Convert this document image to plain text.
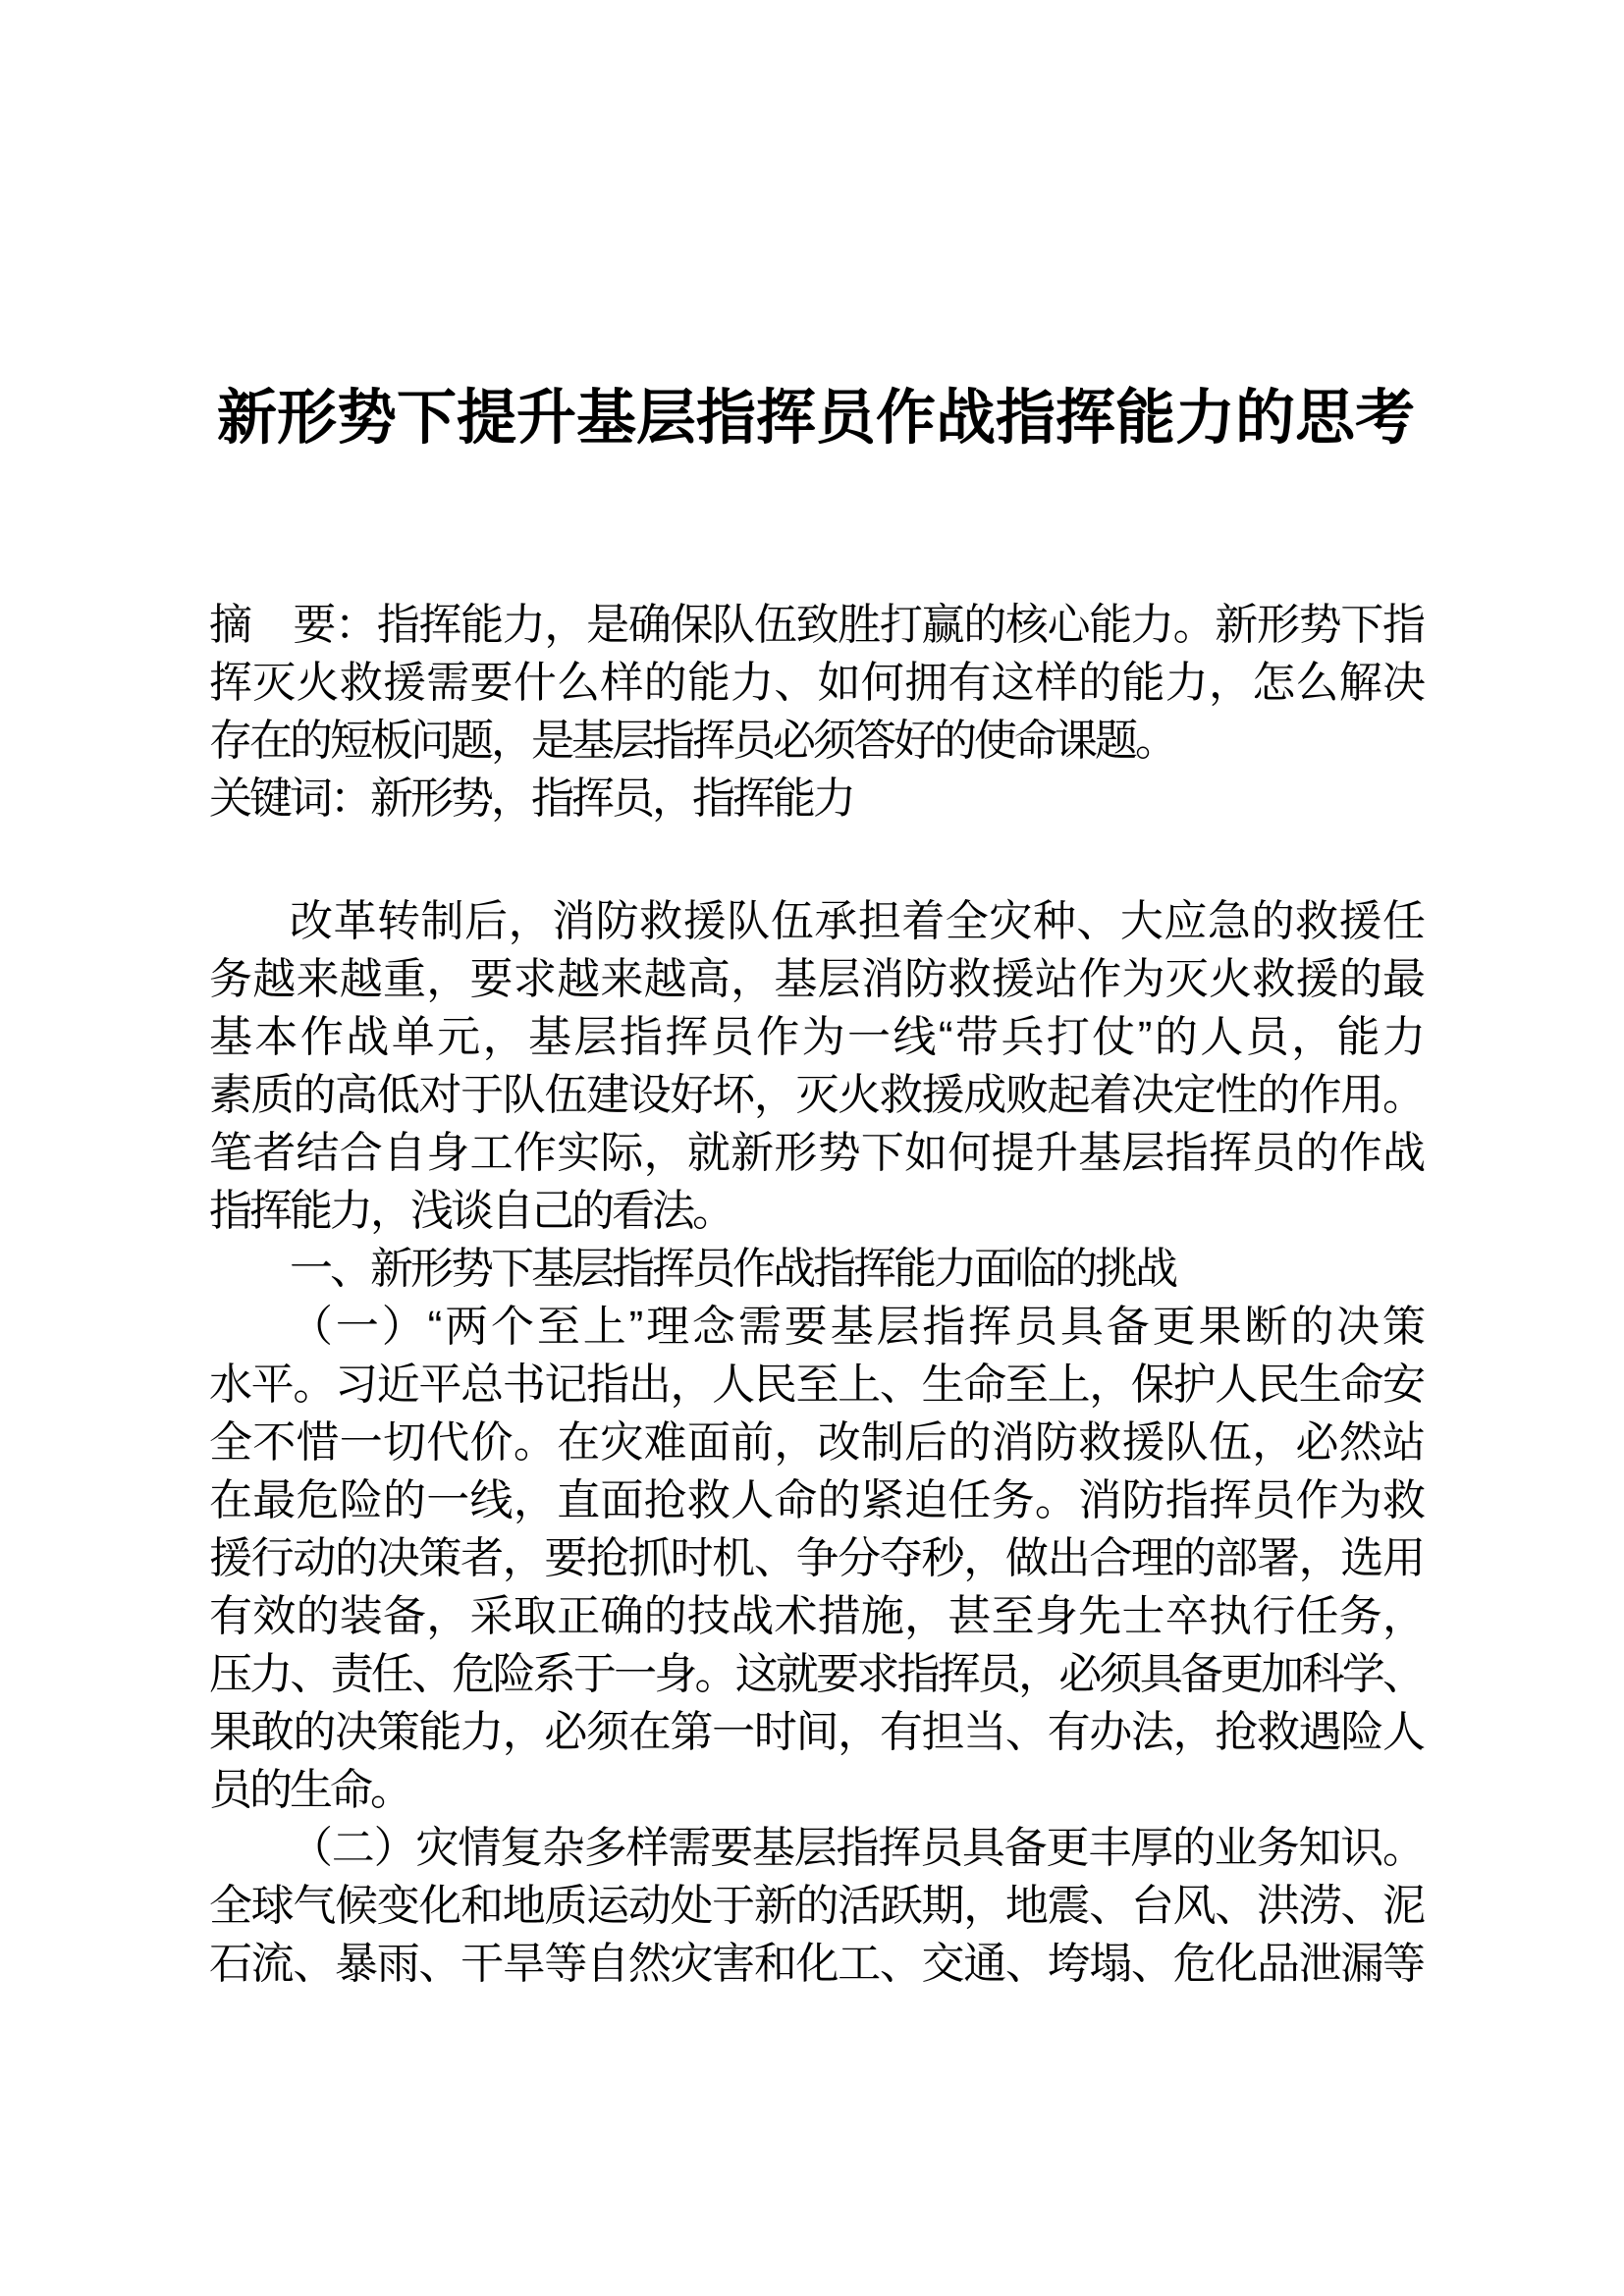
新形势下提升基层指挥员作战指挥能力的思考
摘　要：指挥能力，是确保队伍致胜打赢的核心能力。新形势下指
挥灭火救援需要什么样的能力、如何拥有这样的能力，怎么解决
存在的短板问题，是基层指挥员必须答好的使命课题。
关键词：新形势，指挥员，指挥能力
改革转制后，消防救援队伍承担着全灾种、大应急的救援任
务越来越重，要求越来越高，基层消防救援站作为灭火救援的最
基本作战单元，基层指挥员作为一线“带兵打仗”的人员，能力
素质的高低对于队伍建设好坏，灭火救援成败起着决定性的作用。
笔者结合自身工作实际，就新形势下如何提升基层指挥员的作战
指挥能力，浅谈自己的看法。
一、新形势下基层指挥员作战指挥能力面临的挑战
（一）“两个至上”理念需要基层指挥员具备更果断的决策
水平。习近平总书记指出，人民至上、生命至上，保护人民生命安
全不惜一切代价。在灾难面前，改制后的消防救援队伍，必然站
在最危险的一线，直面抢救人命的紧迫任务。消防指挥员作为救
援行动的决策者，要抢抓时机、争分夺秒，做出合理的部署，选用
有效的装备，采取正确的技战术措施，甚至身先士卒执行任务，
压力、责任、危险系于一身。这就要求指挥员，必须具备更加科学、
果敢的决策能力，必须在第一时间，有担当、有办法，抢救遇险人
员的生命。
（二）灾情复杂多样需要基层指挥员具备更丰厚的业务知识。
全球气候变化和地质运动处于新的活跃期，地震、台风、洪涝、泥
石流、暴雨、干旱等自然灾害和化工、交通、垮塌、危化品泄漏等
